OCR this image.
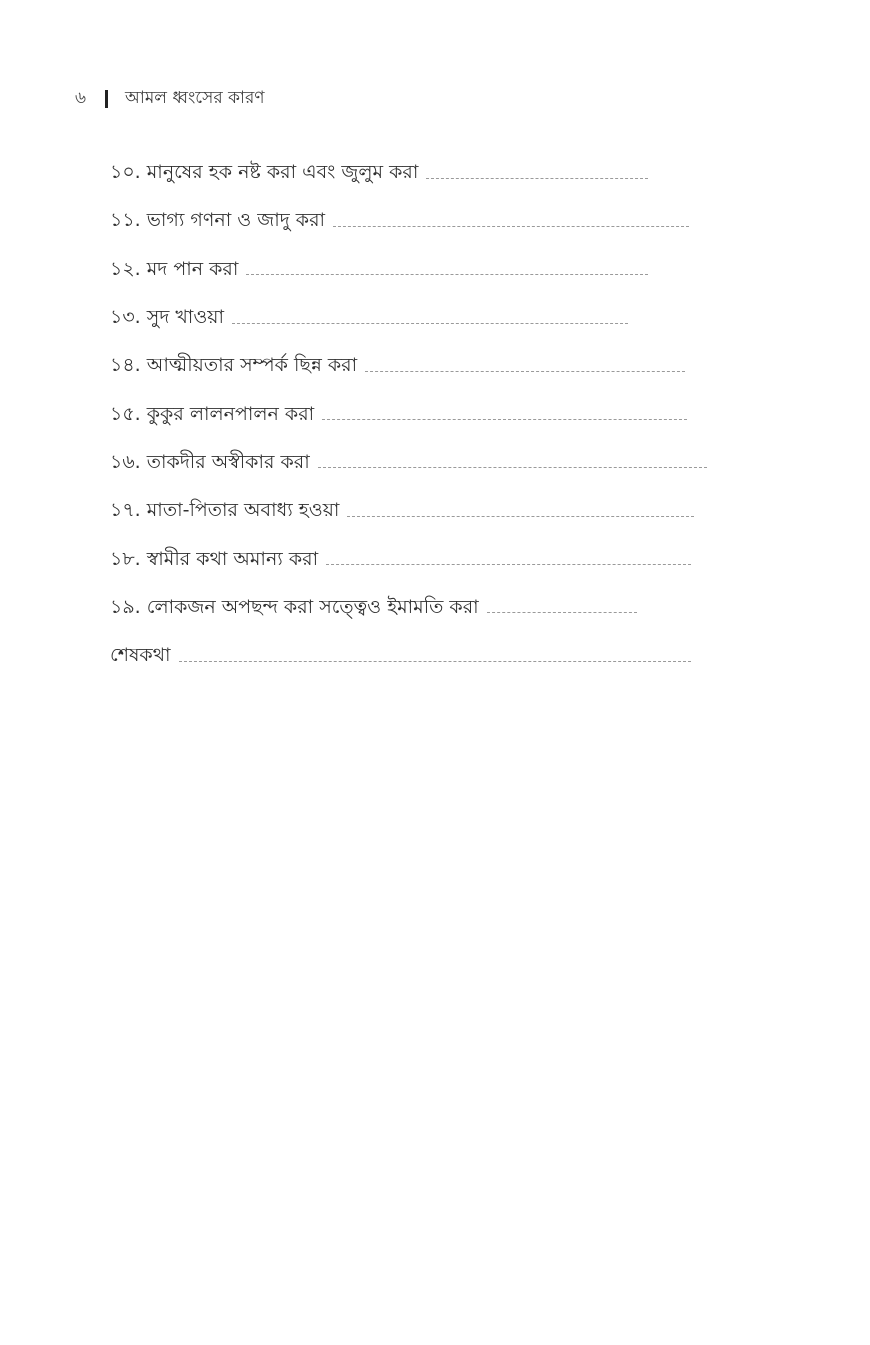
৬	আমল ধ্বংসের কারণ
১০. মানুষের হক নষ্ট করা এবং জুলুম করা
১১. ভাগ্য গণনা ও জাদু করা
১২. মদ পান করা
১৩. সুদ খাওয়া
১৪. আত্মীয়তার সম্পর্ক ছিন্ন করা
১৫. কুকুর লালনপালন করা
১৬. তাকদীর অস্বীকার করা
১৭. মাতা-পিতার অবাধ্য হওয়া
১৮. স্বামীর কথা অমান্য করা
১৯. লোকজন অপছন্দ করা সত্ত্বেও ইমামতি করা
শেষকথা
